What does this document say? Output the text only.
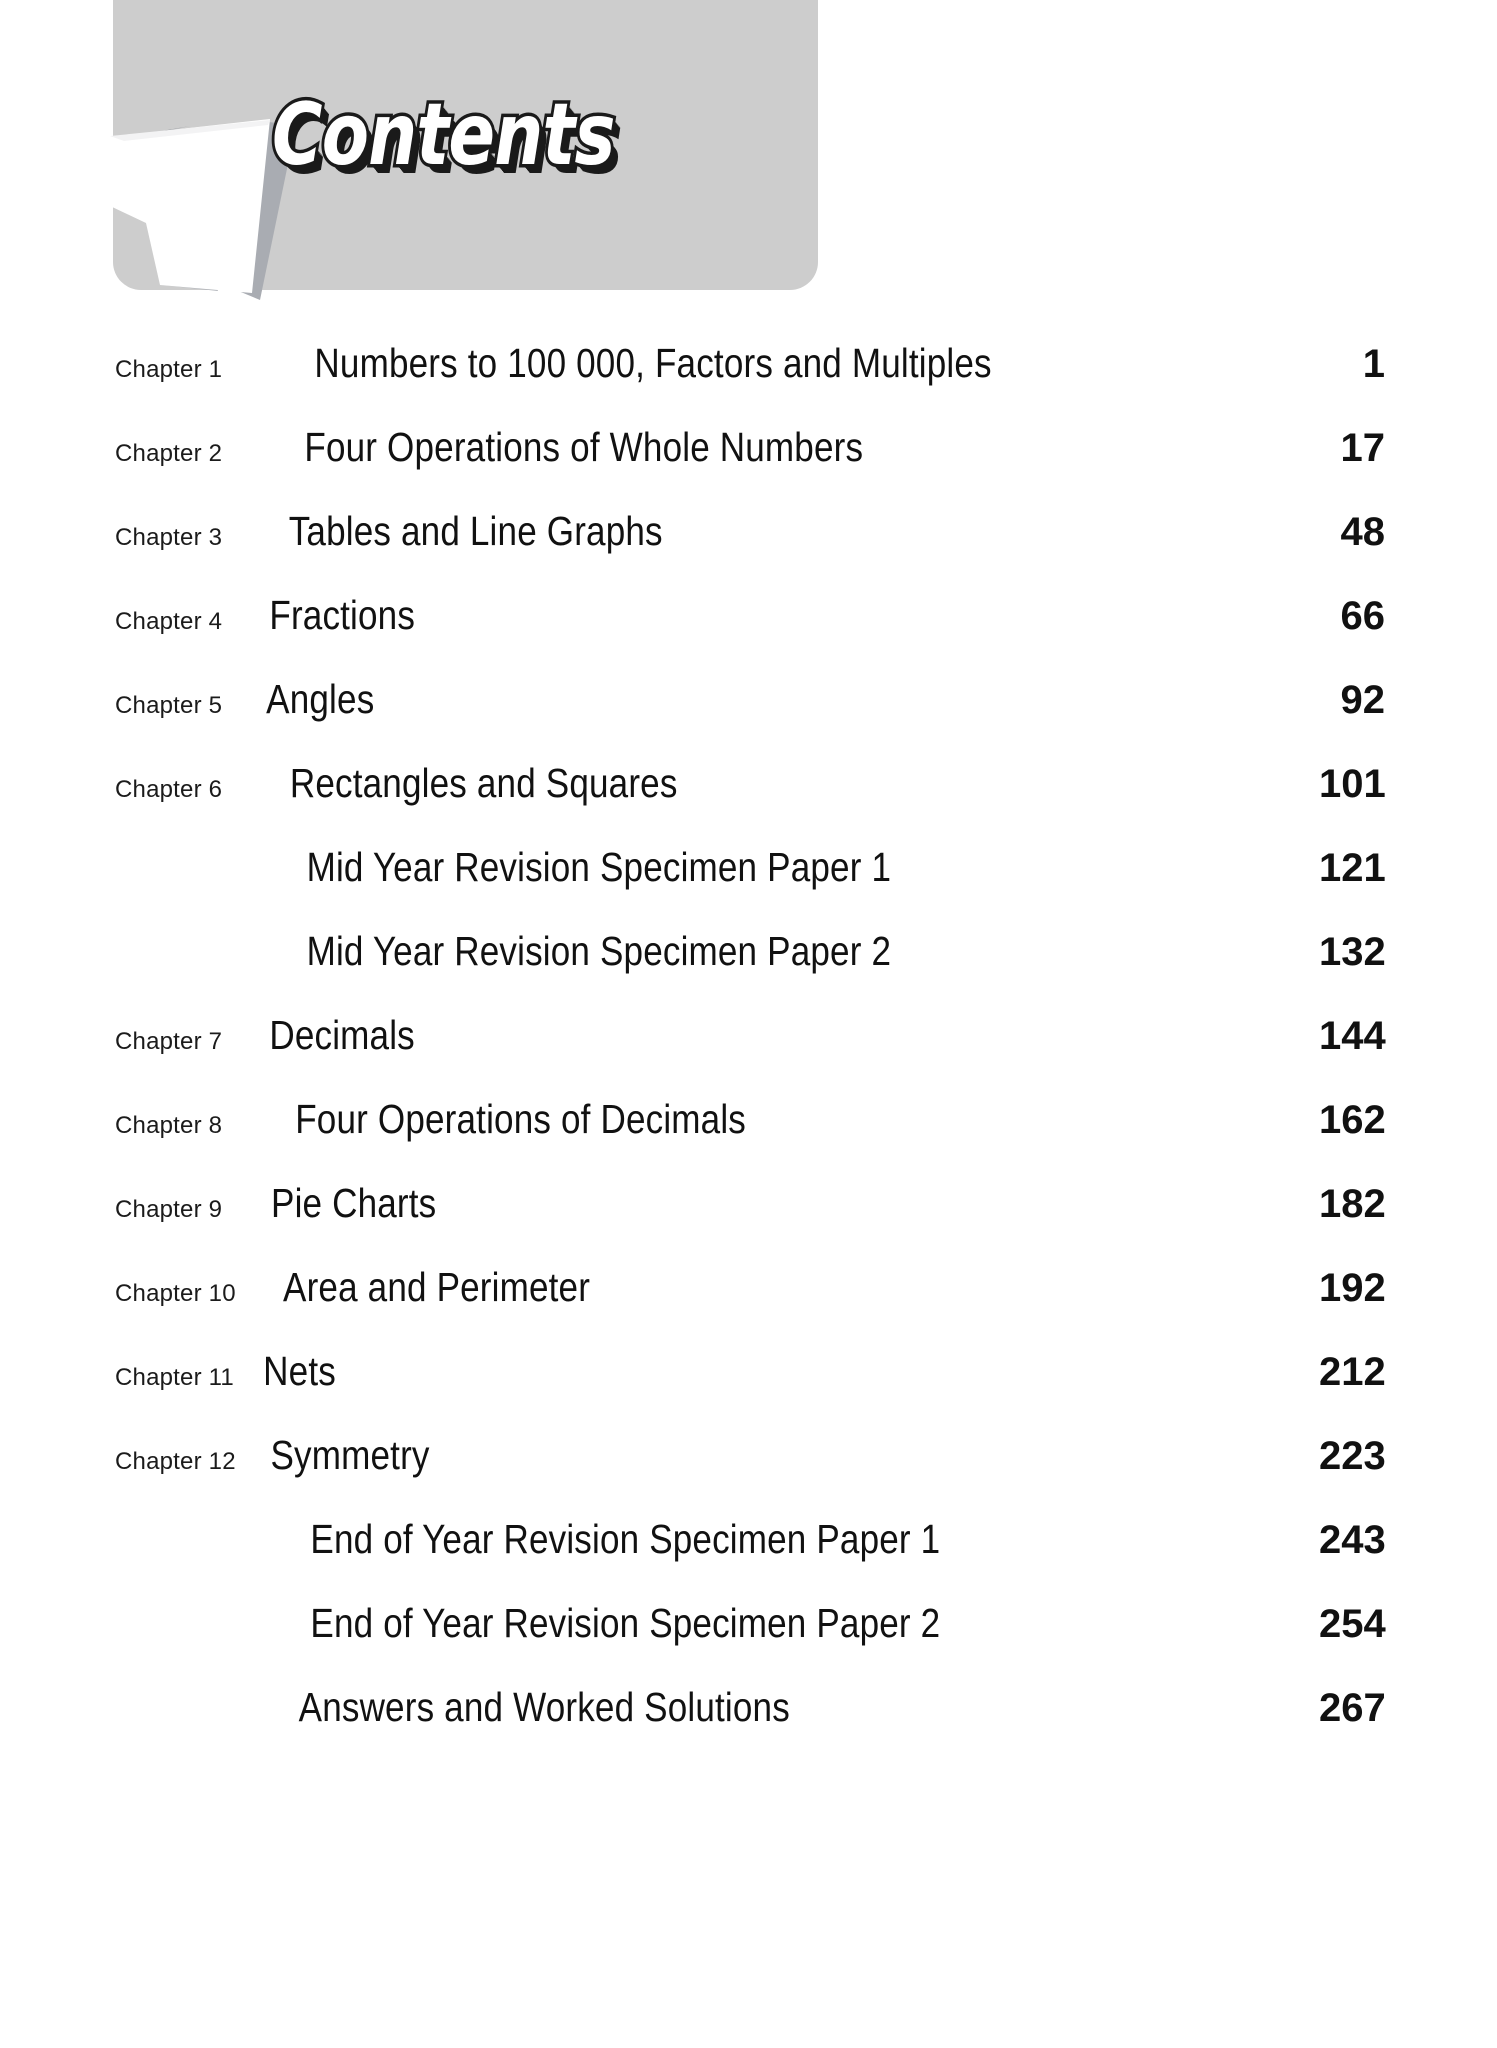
Contents
Chapter 1	Numbers to 100 000, Factors and Multiples	1
Chapter 2	Four Operations of Whole Numbers	17
Chapter 3	Tables and Line Graphs	48
Chapter 4	Fractions	66
Chapter 5	Angles	92
Chapter 6	Rectangles and Squares	101
Mid Year Revision Specimen Paper 1	121
Mid Year Revision Specimen Paper 2	132
Chapter 7	Decimals	144
Chapter 8	Four Operations of Decimals	162
Chapter 9	Pie Charts	182
Chapter 10	Area and Perimeter	192
Chapter 11 Nets	212
Chapter 12 Symmetry	223
End of Year Revision Specimen Paper 1	243
End of Year Revision Specimen Paper 2	254
Answers and Worked Solutions	267
